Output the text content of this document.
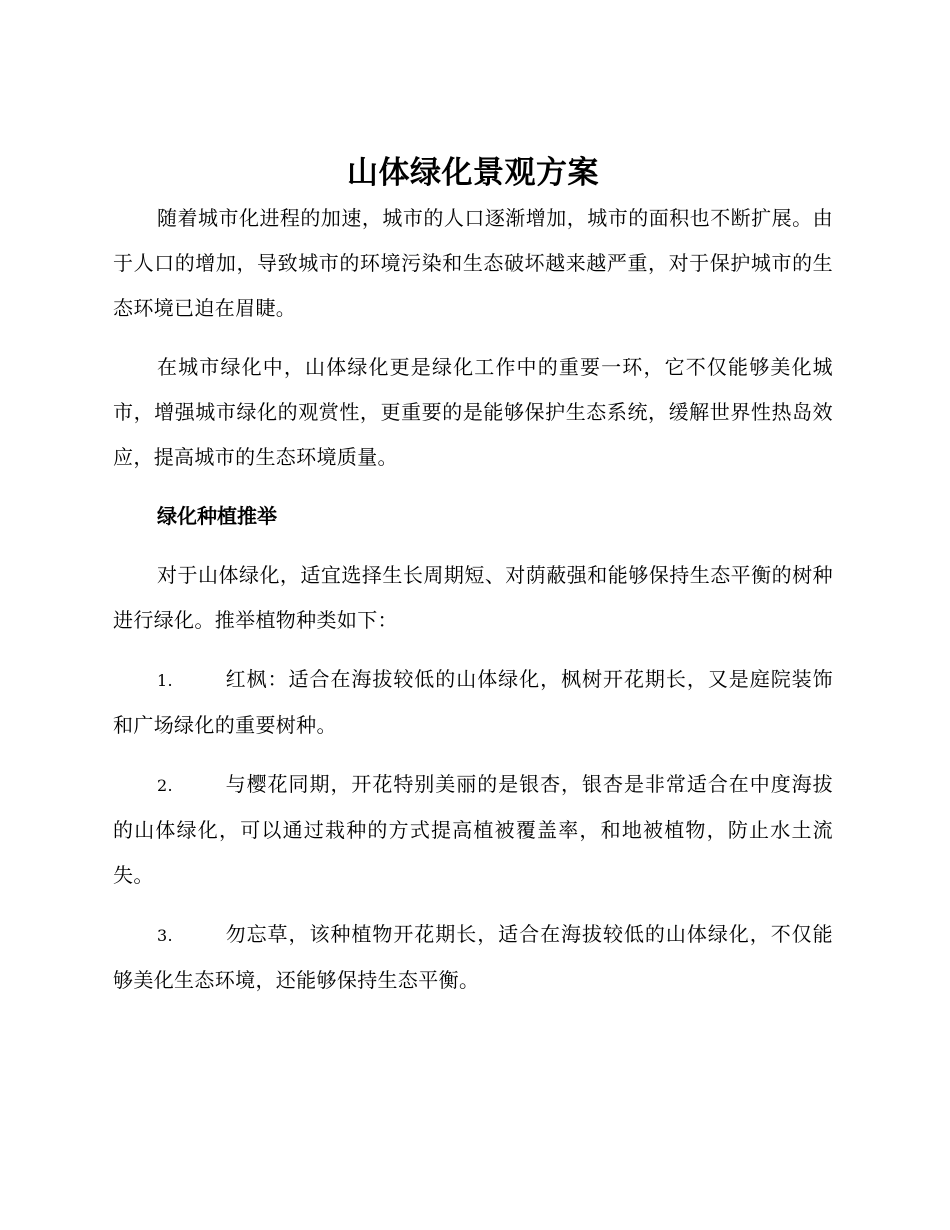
山体绿化景观方案

随着城市化进程的加速，城市的人口逐渐增加，城市的面积也不断扩展。由于人口的增加，导致城市的环境污染和生态破坏越来越严重，对于保护城市的生态环境已迫在眉睫。

在城市绿化中，山体绿化更是绿化工作中的重要一环，它不仅能够美化城市，增强城市绿化的观赏性，更重要的是能够保护生态系统，缓解世界性热岛效应，提高城市的生态环境质量。

绿化种植推举

对于山体绿化，适宜选择生长周期短、对荫蔽强和能够保持生态平衡的树种进行绿化。推举植物种类如下：

1.	红枫：适合在海拔较低的山体绿化，枫树开花期长，又是庭院装饰和广场绿化的重要树种。

2.	与樱花同期，开花特别美丽的是银杏，银杏是非常适合在中度海拔的山体绿化，可以通过栽种的方式提高植被覆盖率，和地被植物，防止水土流失。

3.	勿忘草，该种植物开花期长，适合在海拔较低的山体绿化，不仅能够美化生态环境，还能够保持生态平衡。
